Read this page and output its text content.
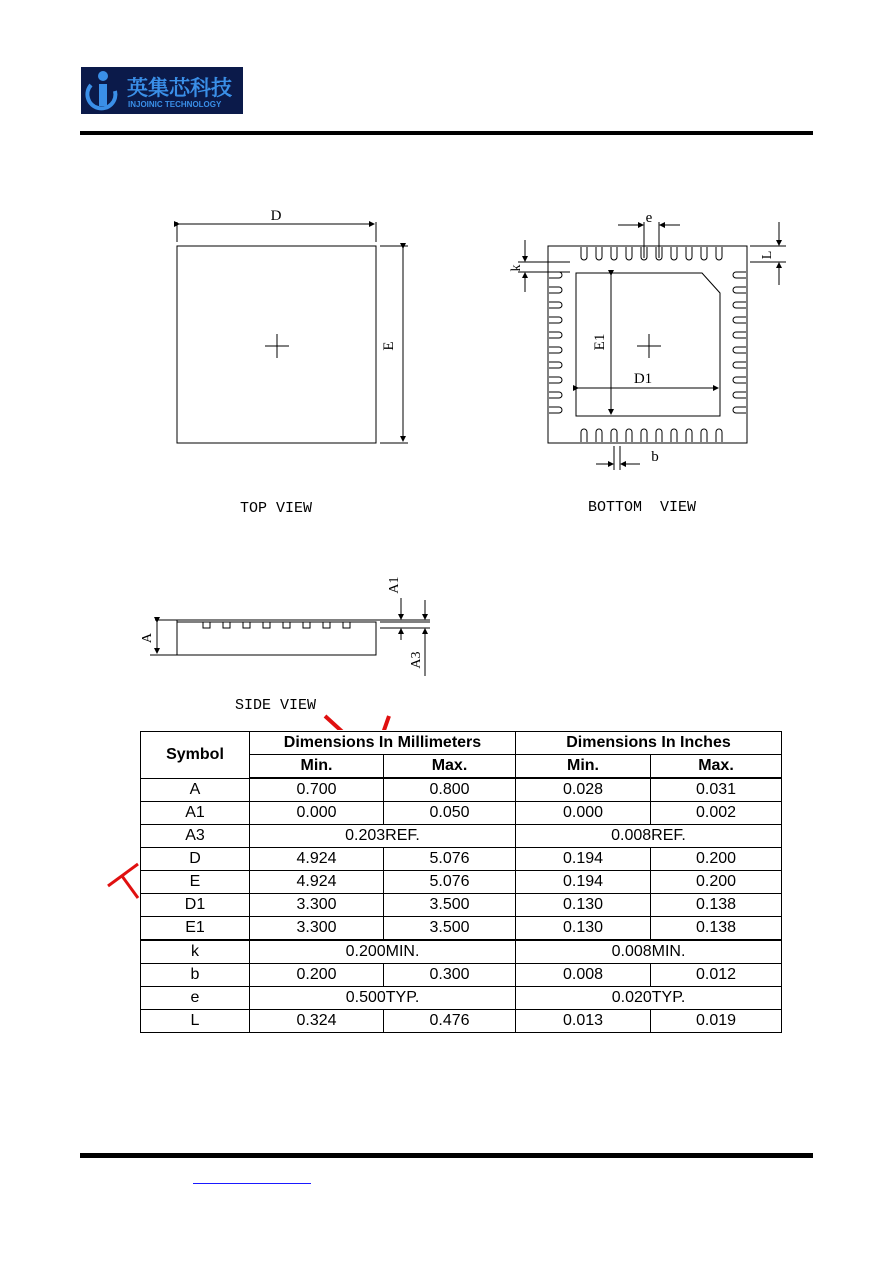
英集芯科技
INJOINIC TECHNOLOGY
D
E
e
k
L
E1
D1
b
A
A1
A3
TOP VIEW	BOTTOM  VIEW
SIDE VIEW
Symbol	Dimensions In Millimeters		Dimensions In Inches	
	Min.	Max.	Min.	Max.
A	0.700	0.800	0.028	0.031
A1	0.000	0.050	0.000	0.002
A3	0.203REF.		0.008REF.	
D	4.924	5.076	0.194	0.200
E	4.924	5.076	0.194	0.200
D1	3.300	3.500	0.130	0.138
E1	3.300	3.500	0.130	0.138
k	0.200MIN.		0.008MIN.	
b	0.200	0.300	0.008	0.012
e	0.500TYP.		0.020TYP.	
L	0.324	0.476	0.013	0.019
